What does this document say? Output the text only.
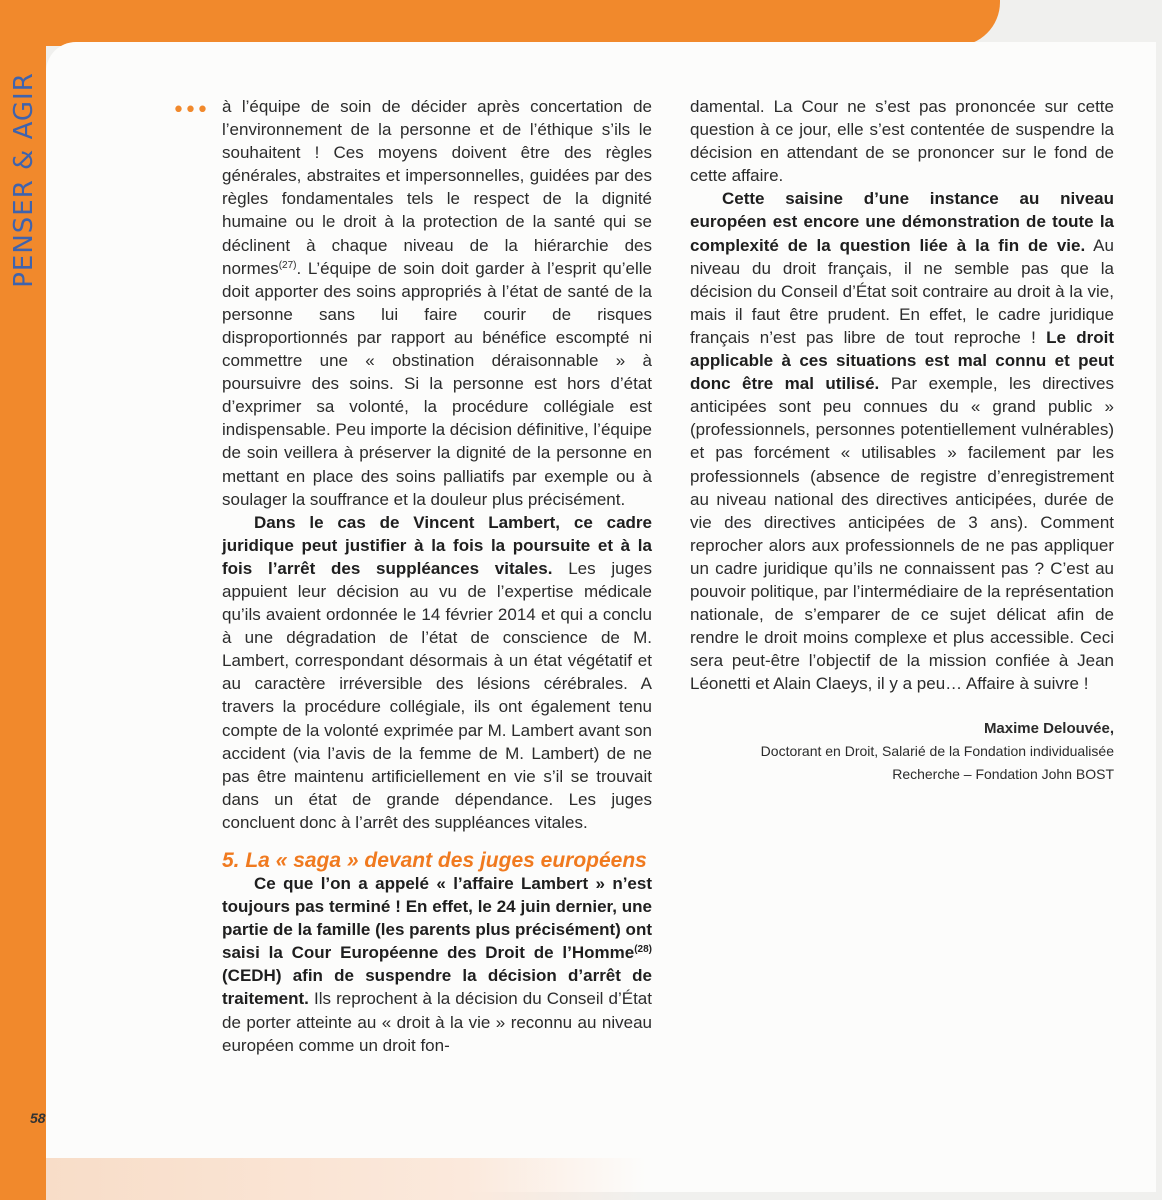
PENSER & AGIR	••• à l’équipe de soin de décider après concertation de l’environnement de la personne et de l’éthique s’ils le souhaitent ! Ces moyens doivent être des règles générales, abstraites et impersonnelles, guidées par des règles fondamentales tels le respect de la dignité humaine ou le droit à la protection de la santé qui se déclinent à chaque niveau de la hiérarchie des normes$^{(27)}$. L’équipe de soin doit garder à l’esprit qu’elle doit apporter des soins appropriés à l’état de santé de la personne sans lui faire courir de risques disproportionnés par rapport au bénéfice escompté ni commettre une « obstination déraisonnable » à poursuivre des soins. Si la personne est hors d’état d’exprimer sa volonté, la procédure collégiale est indispensable. Peu importe la décision définitive, l’équipe de soin veillera à préserver la dignité de la personne en mettant en place des soins palliatifs par exemple ou à soulager la souffrance et la douleur plus précisément.

Dans le cas de Vincent Lambert, ce cadre juridique peut justifier à la fois la poursuite et à la fois l’arrêt des suppléances vitales. Les juges appuient leur décision au vu de l’expertise médicale qu’ils avaient ordonnée le 14 février 2014 et qui a conclu à une dégradation de l’état de conscience de M. Lambert, correspondant désormais à un état végétatif et au caractère irréversible des lésions cérébrales. A travers la procédure collégiale, ils ont également tenu compte de la volonté exprimée par M. Lambert avant son accident (via l’avis de la femme de M. Lambert) de ne pas être maintenu artificiellement en vie s’il se trouvait dans un état de grande dépendance. Les juges concluent donc à l’arrêt des suppléances vitales.

5. La « saga » devant des juges européens

Ce que l’on a appelé « l’affaire Lambert » n’est toujours pas terminé ! En effet, le 24 juin dernier, une partie de la famille (les parents plus précisément) ont saisi la Cour Européenne des Droit de l’Homme$^{(28)}$ (CEDH) afin de suspendre la décision d’arrêt de traitement. Ils reprochent à la décision du Conseil d’État de porter atteinte au « droit à la vie » reconnu au niveau européen comme un droit fon-

damental. La Cour ne s’est pas prononcée sur cette question à ce jour, elle s’est contentée de suspendre la décision en attendant de se prononcer sur le fond de cette affaire.

Cette saisine d’une instance au niveau européen est encore une démonstration de toute la complexité de la question liée à la fin de vie. Au niveau du droit français, il ne semble pas que la décision du Conseil d’État soit contraire au droit à la vie, mais il faut être prudent. En effet, le cadre juridique français n’est pas libre de tout reproche ! Le droit applicable à ces situations est mal connu et peut donc être mal utilisé. Par exemple, les directives anticipées sont peu connues du « grand public » (professionnels, personnes potentiellement vulnérables) et pas forcément « utilisables » facilement par les professionnels (absence de registre d’enregistrement au niveau national des directives anticipées, durée de vie des directives anticipées de 3 ans). Comment reprocher alors aux professionnels de ne pas appliquer un cadre juridique qu’ils ne connaissent pas ? C’est au pouvoir politique, par l’intermédiaire de la représentation nationale, de s’emparer de ce sujet délicat afin de rendre le droit moins complexe et plus accessible. Ceci sera peut-être l’objectif de la mission confiée à Jean Léonetti et Alain Claeys, il y a peu… Affaire à suivre !

Maxime Delouvée,
Doctorant en Droit, Salarié de la Fondation individualisée
Recherche – Fondation John BOST

58
